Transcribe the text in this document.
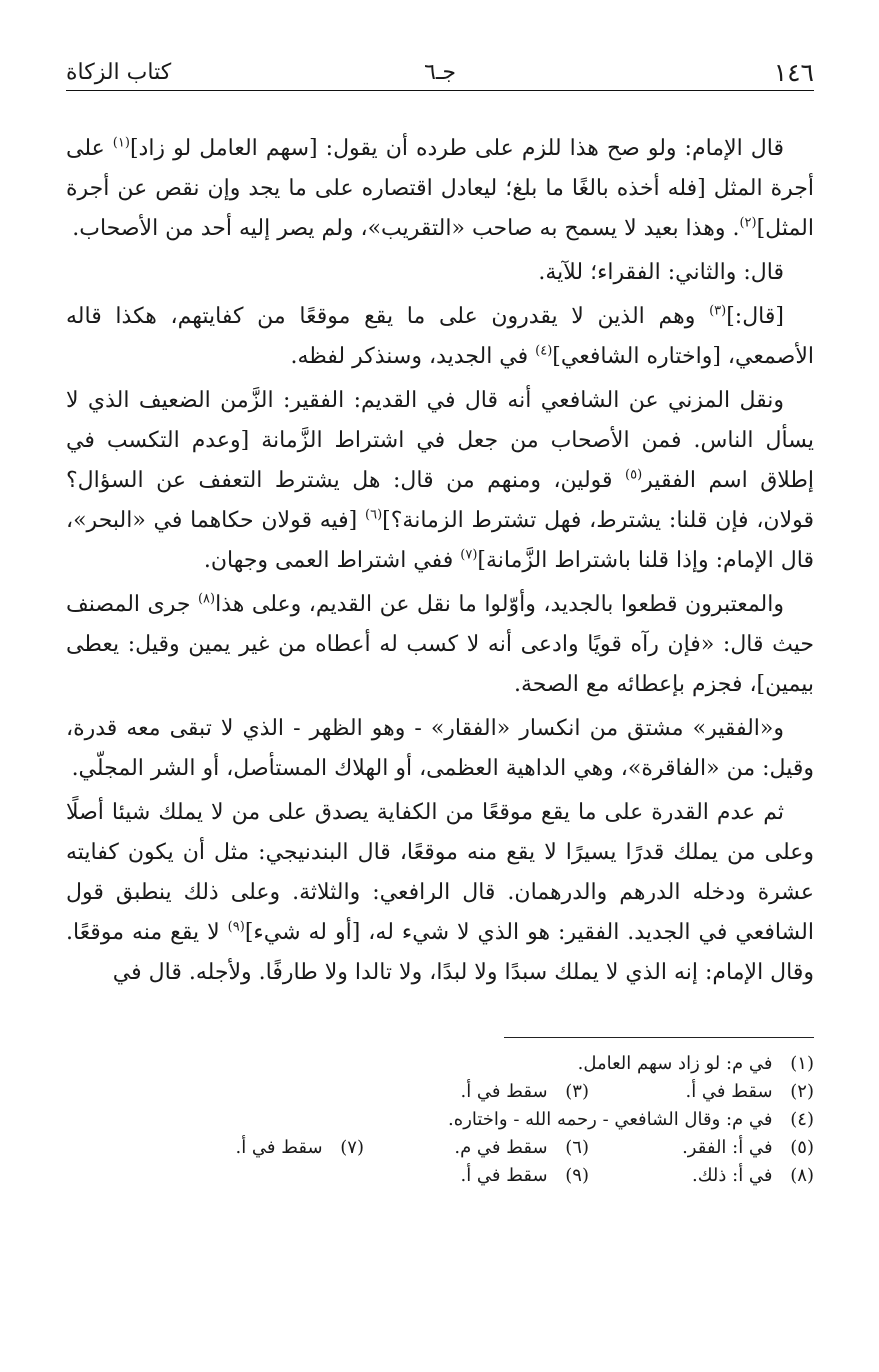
١٤٦
جـ٦
كتاب الزكاة

قال الإمام: ولو صح هذا للزم على طرده أن يقول: [سهم العامل لو زاد]$^{(١)}$ على أجرة المثل [فله أخذه بالغًا ما بلغ؛ ليعادل اقتصاره على ما يجد وإن نقص عن أجرة المثل]$^{(٢)}$. وهذا بعيد لا يسمح به صاحب «التقريب»، ولم يصر إليه أحد من الأصحاب.

قال: والثاني: الفقراء؛ للآية.

[قال:]$^{(٣)}$ وهم الذين لا يقدرون على ما يقع موقعًا من كفايتهم، هكذا قاله الأصمعي، [واختاره الشافعي]$^{(٤)}$ في الجديد، وسنذكر لفظه.

ونقل المزني عن الشافعي أنه قال في القديم: الفقير: الزَّمن الضعيف الذي لا يسأل الناس. فمن الأصحاب من جعل في اشتراط الزَّمانة [وعدم التكسب في إطلاق اسم الفقير$^{(٥)}$ قولين، ومنهم من قال: هل يشترط التعفف عن السؤال؟ قولان، فإن قلنا: يشترط، فهل تشترط الزمانة؟]$^{(٦)}$ [فيه قولان حكاهما في «البحر»، قال الإمام: وإذا قلنا باشتراط الزَّمانة]$^{(٧)}$ ففي اشتراط العمى وجهان.

والمعتبرون قطعوا بالجديد، وأوّلوا ما نقل عن القديم، وعلى هذا$^{(٨)}$ جرى المصنف حيث قال: «فإن رآه قويًا وادعى أنه لا كسب له أعطاه من غير يمين وقيل: يعطى بيمين]، فجزم بإعطائه مع الصحة.

و«الفقير» مشتق من انكسار «الفقار» - وهو الظهر - الذي لا تبقى معه قدرة، وقيل: من «الفاقرة»، وهي الداهية العظمى، أو الهلاك المستأصل، أو الشر المجلّي.

ثم عدم القدرة على ما يقع موقعًا من الكفاية يصدق على من لا يملك شيئا أصلًا وعلى من يملك قدرًا يسيرًا لا يقع منه موقعًا، قال البندنيجي: مثل أن يكون كفايته عشرة ودخله الدرهم والدرهمان. قال الرافعي: والثلاثة. وعلى ذلك ينطبق قول الشافعي في الجديد. الفقير: هو الذي لا شيء له، [أو له شيء]$^{(٩)}$ لا يقع منه موقعًا. وقال الإمام: إنه الذي لا يملك سبدًا ولا لبدًا، ولا تالدا ولا طارفًا. ولأجله. قال في

(١) في م: لو زاد سهم العامل.
(٢) سقط في أ.
(٣) سقط في أ.
(٤) في م: وقال الشافعي - رحمه الله - واختاره.
(٥) في أ: الفقر.
(٦) سقط في م.
(٧) سقط في أ.
(٨) في أ: ذلك.
(٩) سقط في أ.
